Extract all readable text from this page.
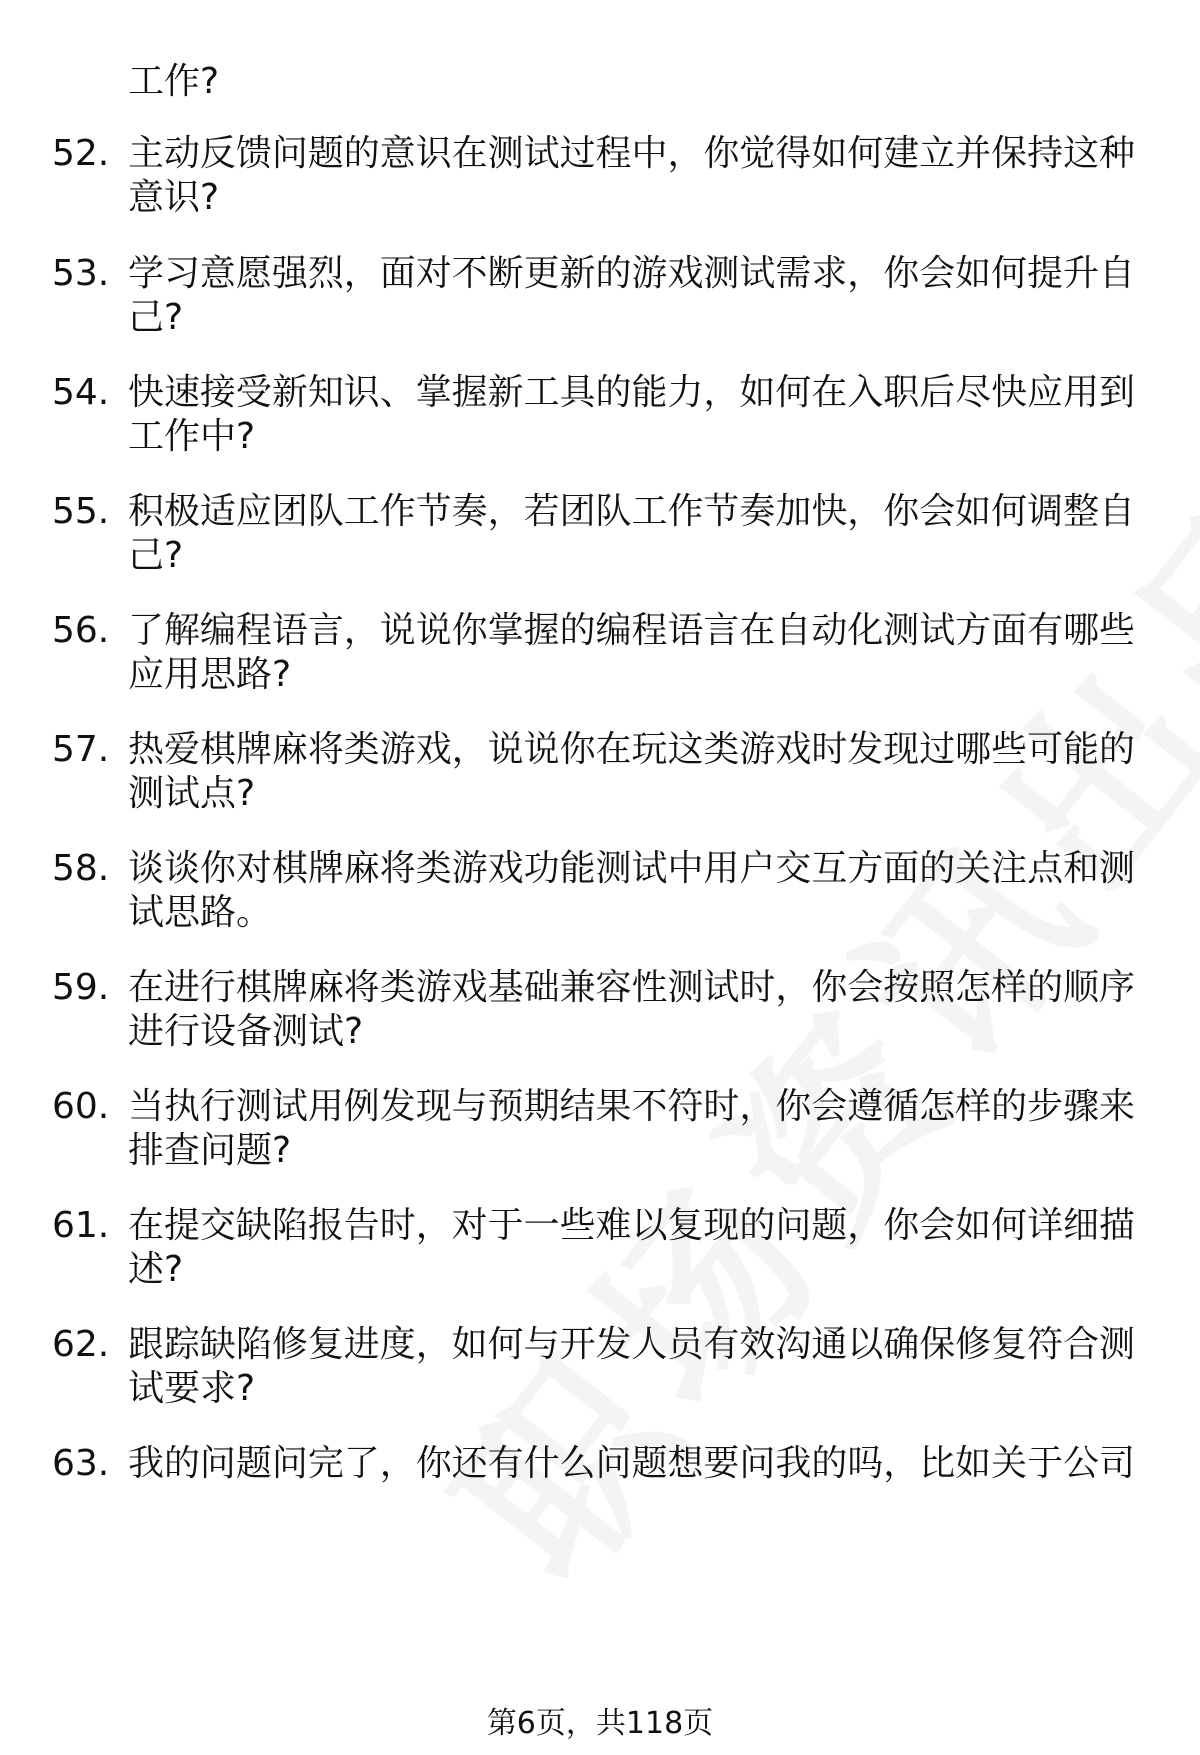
工作?
52. 主动反馈问题的意识在测试过程中，你觉得如何建立并保持这种
意识?
53. 学习意愿强烈，面对不断更新的游戏测试需求，你会如何提升自
己?
54. 快速接受新知识、掌握新工具的能力，如何在入职后尽快应用到
工作中?
55. 积极适应团队工作节奏，若团队工作节奏加快，你会如何调整自
己?
56. 了解编程语言，说说你掌握的编程语言在自动化测试方面有哪些
应用思路?
57. 热爱棋牌麻将类游戏，说说你在玩这类游戏时发现过哪些可能的
测试点?
58. 谈谈你对棋牌麻将类游戏功能测试中用户交互方面的关注点和测
试思路。
59. 在进行棋牌麻将类游戏基础兼容性测试时，你会按照怎样的顺序
进行设备测试?
60. 当执行测试用例发现与预期结果不符时，你会遵循怎样的步骤来
排查问题?
61. 在提交缺陷报告时，对于一些难以复现的问题，你会如何详细描
述?
62. 跟踪缺陷修复进度，如何与开发人员有效沟通以确保修复符合测
试要求?
63. 我的问题问完了，你还有什么问题想要问我的吗，比如关于公司
第6页，共118页
